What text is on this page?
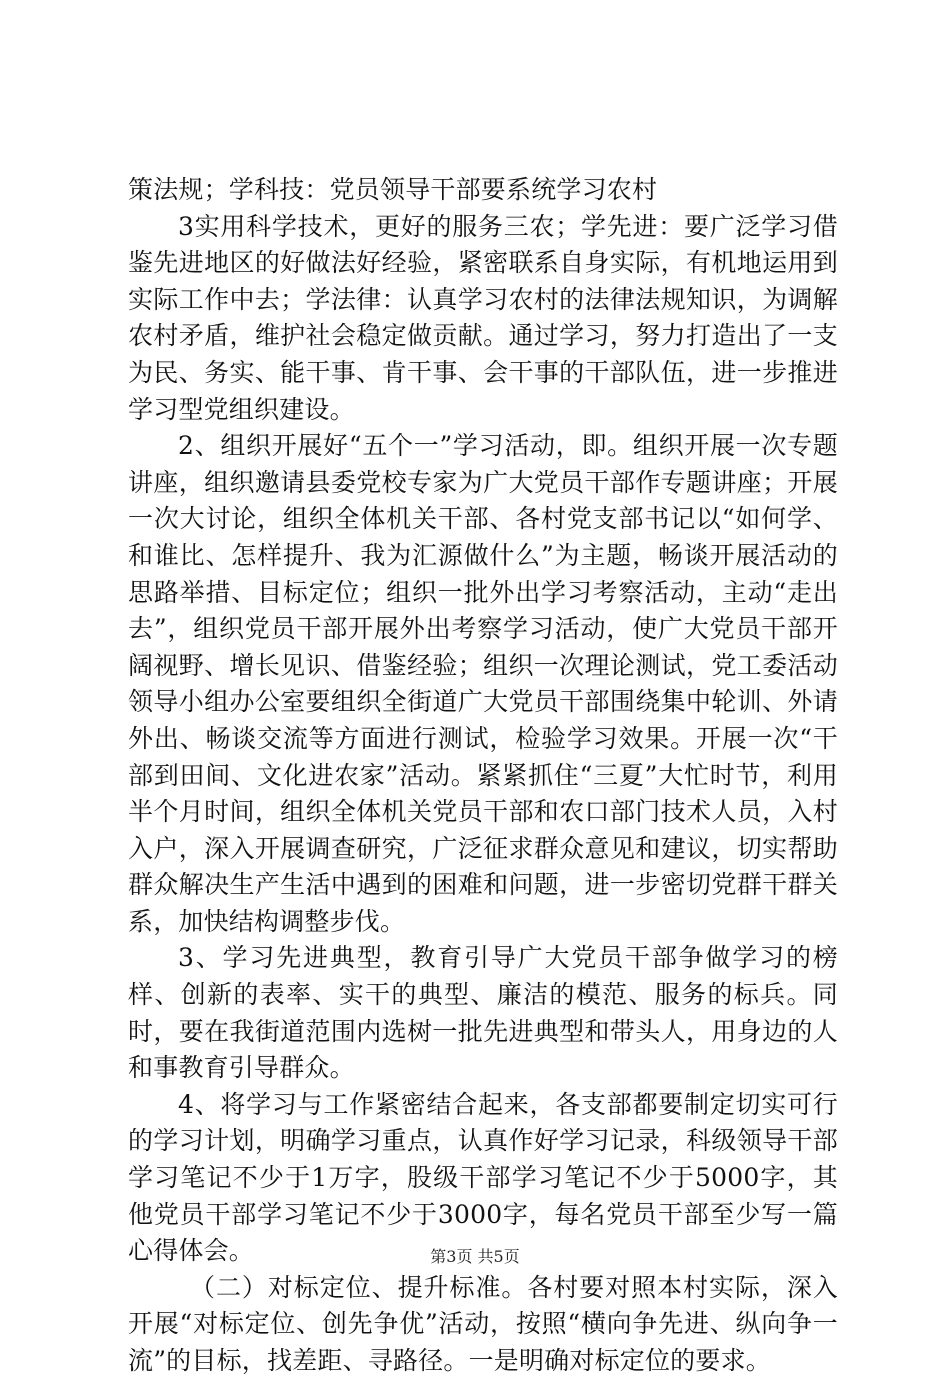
策法规；学科技：党员领导干部要系统学习农村

3实用科学技术，更好的服务三农；学先进：要广泛学习借鉴先进地区的好做法好经验，紧密联系自身实际，有机地运用到实际工作中去；学法律：认真学习农村的法律法规知识，为调解农村矛盾，维护社会稳定做贡献。通过学习，努力打造出了一支为民、务实、能干事、肯干事、会干事的干部队伍，进一步推进学习型党组织建设。

2、组织开展好“五个一”学习活动，即。组织开展一次专题讲座，组织邀请县委党校专家为广大党员干部作专题讲座；开展一次大讨论，组织全体机关干部、各村党支部书记以“如何学、和谁比、怎样提升、我为汇源做什么”为主题，畅谈开展活动的思路举措、目标定位；组织一批外出学习考察活动，主动“走出去”，组织党员干部开展外出考察学习活动，使广大党员干部开阔视野、增长见识、借鉴经验；组织一次理论测试，党工委活动领导小组办公室要组织全街道广大党员干部围绕集中轮训、外请外出、畅谈交流等方面进行测试，检验学习效果。开展一次“干部到田间、文化进农家”活动。紧紧抓住“三夏”大忙时节，利用半个月时间，组织全体机关党员干部和农口部门技术人员，入村入户，深入开展调查研究，广泛征求群众意见和建议，切实帮助群众解决生产生活中遇到的困难和问题，进一步密切党群干群关系，加快结构调整步伐。

3、学习先进典型，教育引导广大党员干部争做学习的榜样、创新的表率、实干的典型、廉洁的模范、服务的标兵。同时，要在我街道范围内选树一批先进典型和带头人，用身边的人和事教育引导群众。

4、将学习与工作紧密结合起来，各支部都要制定切实可行的学习计划，明确学习重点，认真作好学习记录，科级领导干部学习笔记不少于1万字，股级干部学习笔记不少于5000字，其他党员干部学习笔记不少于3000字，每名党员干部至少写一篇心得体会。

（二）对标定位、提升标准。各村要对照本村实际，深入开展“对标定位、创先争优”活动，按照“横向争先进、纵向争一流”的目标，找差距、寻路径。一是明确对标定位的要求。

第3页 共5页
